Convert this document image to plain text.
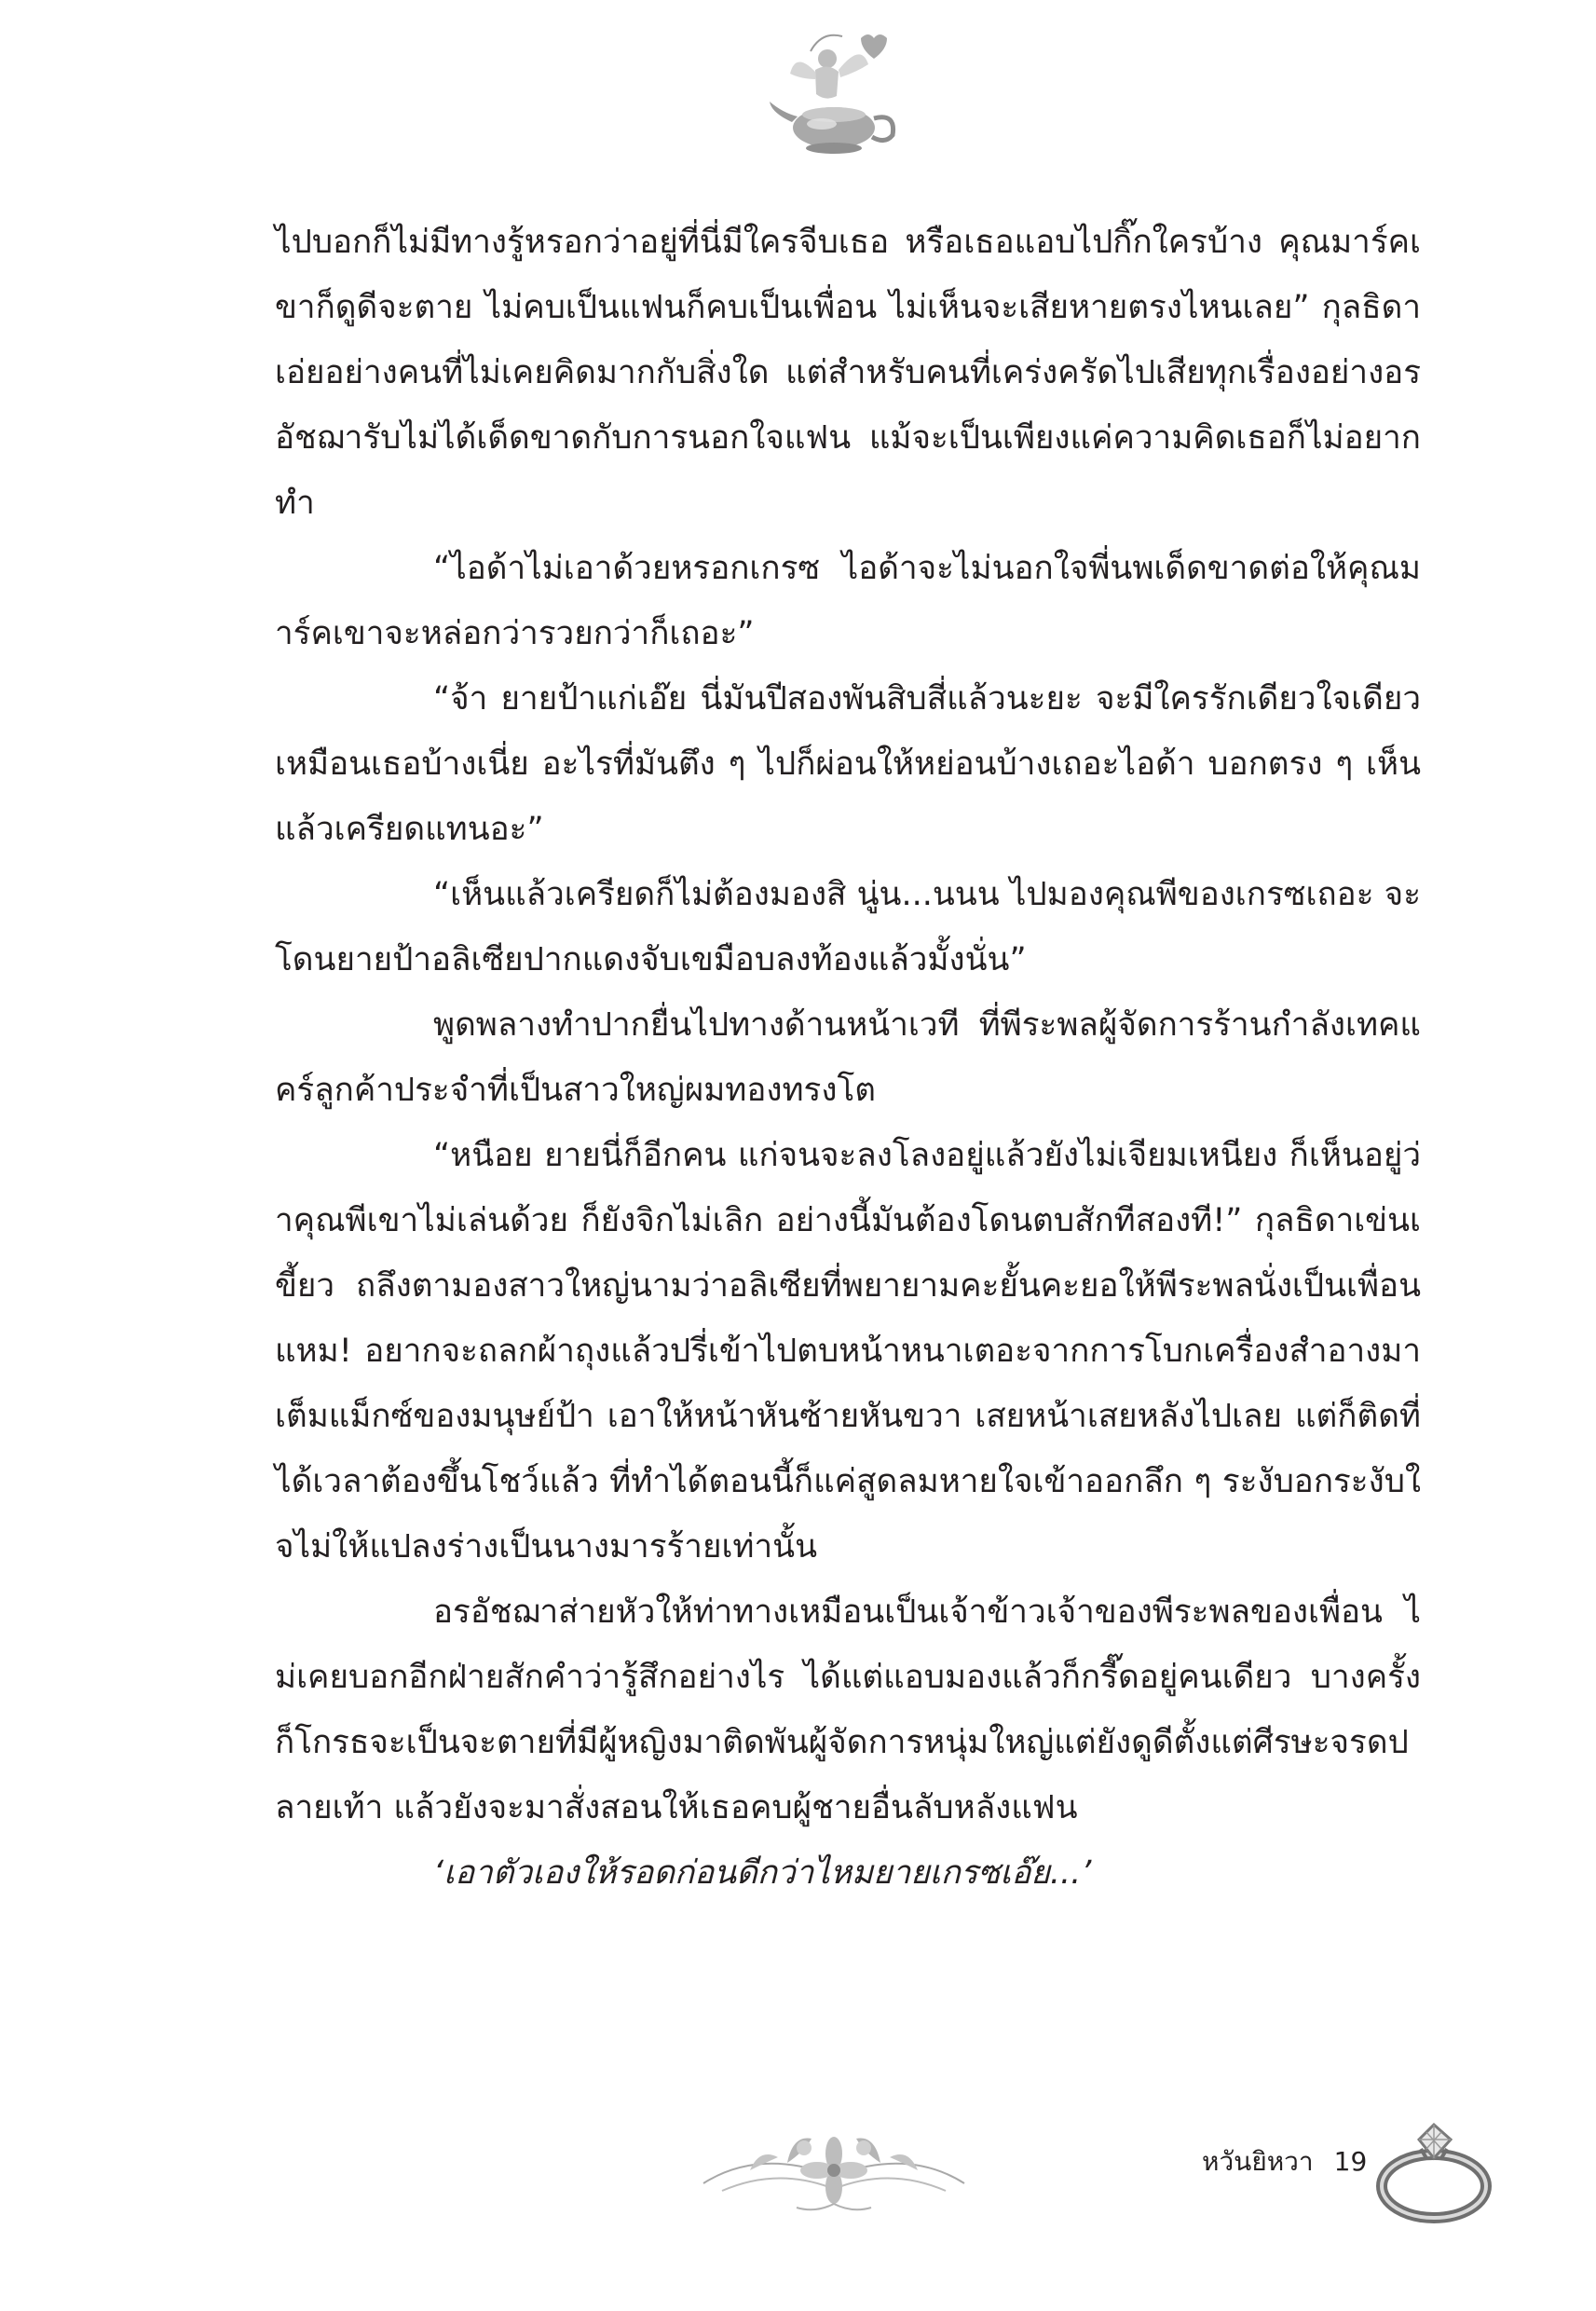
ไปบอกก็ไม่มีทางรู้หรอกว่าอยู่ที่นี่มีใครจีบเธอ หรือเธอแอบไปกิ๊กใครบ้าง คุณมาร์คเขาก็ดูดีจะตาย ไม่คบเป็นแฟนก็คบเป็นเพื่อน ไม่เห็นจะเสียหายตรงไหนเลย” กุลธิดาเอ่ยอย่างคนที่ไม่เคยคิดมากกับสิ่งใด แต่สำหรับคนที่เคร่งครัดไปเสียทุกเรื่องอย่างอรอัชฌารับไม่ได้เด็ดขาดกับการนอกใจแฟน แม้จะเป็นเพียงแค่ความคิดเธอก็ไม่อยากทำ

“ไอด้าไม่เอาด้วยหรอกเกรซ ไอด้าจะไม่นอกใจพี่นพเด็ดขาดต่อให้คุณมาร์คเขาจะหล่อกว่ารวยกว่าก็เถอะ”

“จ้า ยายป้าแก่เอ๊ย นี่มันปีสองพันสิบสี่แล้วนะยะ จะมีใครรักเดียวใจเดียวเหมือนเธอบ้างเนี่ย อะไรที่มันตึง ๆ ไปก็ผ่อนให้หย่อนบ้างเถอะไอด้า บอกตรง ๆ เห็นแล้วเครียดแทนอะ”

“เห็นแล้วเครียดก็ไม่ต้องมองสิ นู่น...นนน ไปมองคุณพีของเกรซเถอะ จะโดนยายป้าอลิเซียปากแดงจับเขมือบลงท้องแล้วมั้งนั่น”

พูดพลางทำปากยื่นไปทางด้านหน้าเวที ที่พีระพลผู้จัดการร้านกำลังเทคแคร์ลูกค้าประจำที่เป็นสาวใหญ่ผมทองทรงโต

“หนือย ยายนี่ก็อีกคน แก่จนจะลงโลงอยู่แล้วยังไม่เจียมเหนียง ก็เห็นอยู่ว่าคุณพีเขาไม่เล่นด้วย ก็ยังจิกไม่เลิก อย่างนี้มันต้องโดนตบสักทีสองที!” กุลธิดาเข่นเขี้ยว ถลึงตามองสาวใหญ่นามว่าอลิเซียที่พยายามคะยั้นคะยอให้พีระพลนั่งเป็นเพื่อน แหม! อยากจะถลกผ้าถุงแล้วปรี่เข้าไปตบหน้าหนาเตอะจากการโบกเครื่องสำอางมาเต็มแม็กซ์ของมนุษย์ป้า เอาให้หน้าหันซ้ายหันขวา เสยหน้าเสยหลังไปเลย แต่ก็ติดที่ได้เวลาต้องขึ้นโชว์แล้ว ที่ทำได้ตอนนี้ก็แค่สูดลมหายใจเข้าออกลึก ๆ ระงับอกระงับใจไม่ให้แปลงร่างเป็นนางมารร้ายเท่านั้น

อรอัชฌาส่ายหัวให้ท่าทางเหมือนเป็นเจ้าข้าวเจ้าของพีระพลของเพื่อน ไม่เคยบอกอีกฝ่ายสักคำว่ารู้สึกอย่างไร ได้แต่แอบมองแล้วก็กรี๊ดอยู่คนเดียว บางครั้งก็โกรธจะเป็นจะตายที่มีผู้หญิงมาติดพันผู้จัดการหนุ่มใหญ่แต่ยังดูดีตั้งแต่ศีรษะจรดปลายเท้า แล้วยังจะมาสั่งสอนให้เธอคบผู้ชายอื่นลับหลังแฟน

‘เอาตัวเองให้รอดก่อนดีกว่าไหมยายเกรซเอ๊ย...’

หวันยิหวา 19
